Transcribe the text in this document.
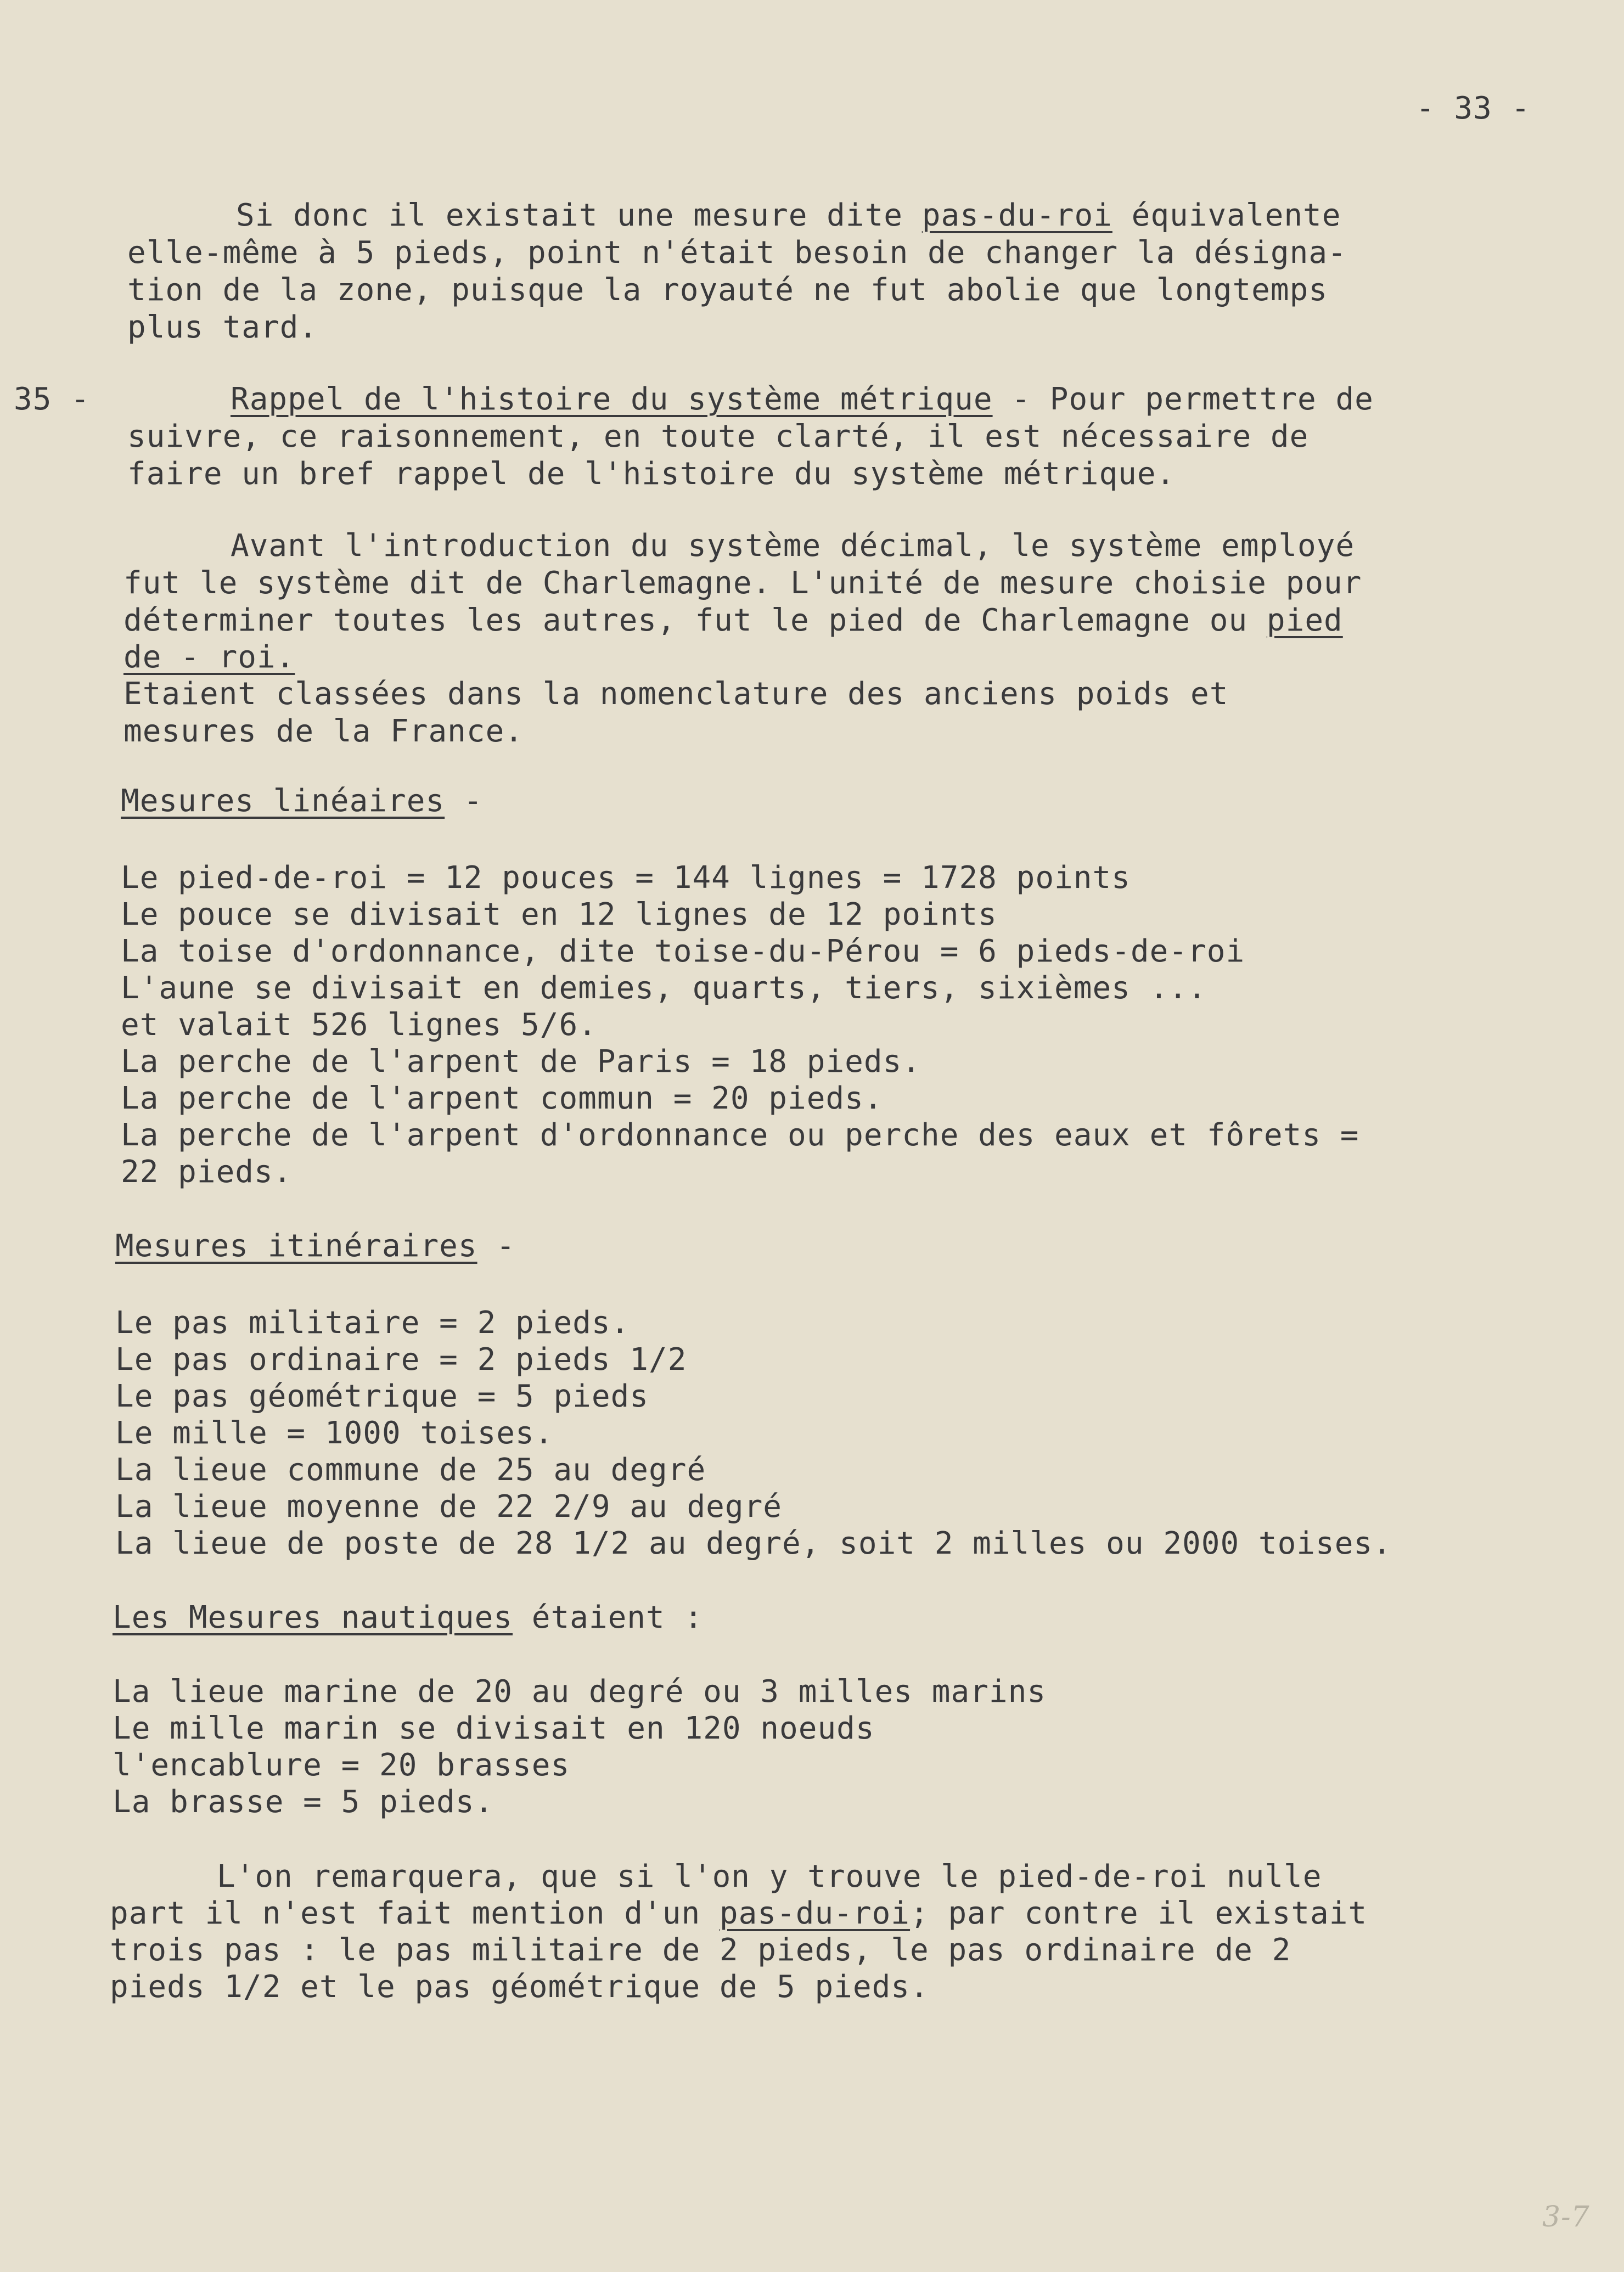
- 33 -
Si donc il existait une mesure dite pas-du-roi équivalente
elle-même à 5 pieds, point n'était besoin de changer la désigna-
tion de la zone, puisque la royauté ne fut abolie que longtemps
plus tard.
35 -	Rappel de l'histoire du système métrique - Pour permettre de
suivre, ce raisonnement, en toute clarté, il est nécessaire de
faire un bref rappel de l'histoire du système métrique.
Avant l'introduction du système décimal, le système employé
fut le système dit de Charlemagne. L'unité de mesure choisie pour
déterminer toutes les autres, fut le pied de Charlemagne ou pied
de - roi.
Etaient classées dans la nomenclature des anciens poids et
mesures de la France.
Mesures linéaires -
Le pied-de-roi = 12 pouces = 144 lignes = 1728 points
Le pouce se divisait en 12 lignes de 12 points
La toise d'ordonnance, dite toise-du-Pérou = 6 pieds-de-roi
L'aune se divisait en demies, quarts, tiers, sixièmes ...
et valait 526 lignes 5/6.
La perche de l'arpent de Paris = 18 pieds.
La perche de l'arpent commun = 20 pieds.
La perche de l'arpent d'ordonnance ou perche des eaux et fôrets =
22 pieds.
Mesures itinéraires -
Le pas militaire = 2 pieds.
Le pas ordinaire = 2 pieds 1/2
Le pas géométrique = 5 pieds
Le mille = 1000 toises.
La lieue commune de 25 au degré
La lieue moyenne de 22 2/9 au degré
La lieue de poste de 28 1/2 au degré, soit 2 milles ou 2000 toises.
Les Mesures nautiques étaient :
La lieue marine de 20 au degré ou 3 milles marins
Le mille marin se divisait en 120 noeuds
l'encablure = 20 brasses
La brasse = 5 pieds.
L'on remarquera, que si l'on y trouve le pied-de-roi nulle
part il n'est fait mention d'un pas-du-roi; par contre il existait
trois pas : le pas militaire de 2 pieds, le pas ordinaire de 2
pieds 1/2 et le pas géométrique de 5 pieds.
3-7
